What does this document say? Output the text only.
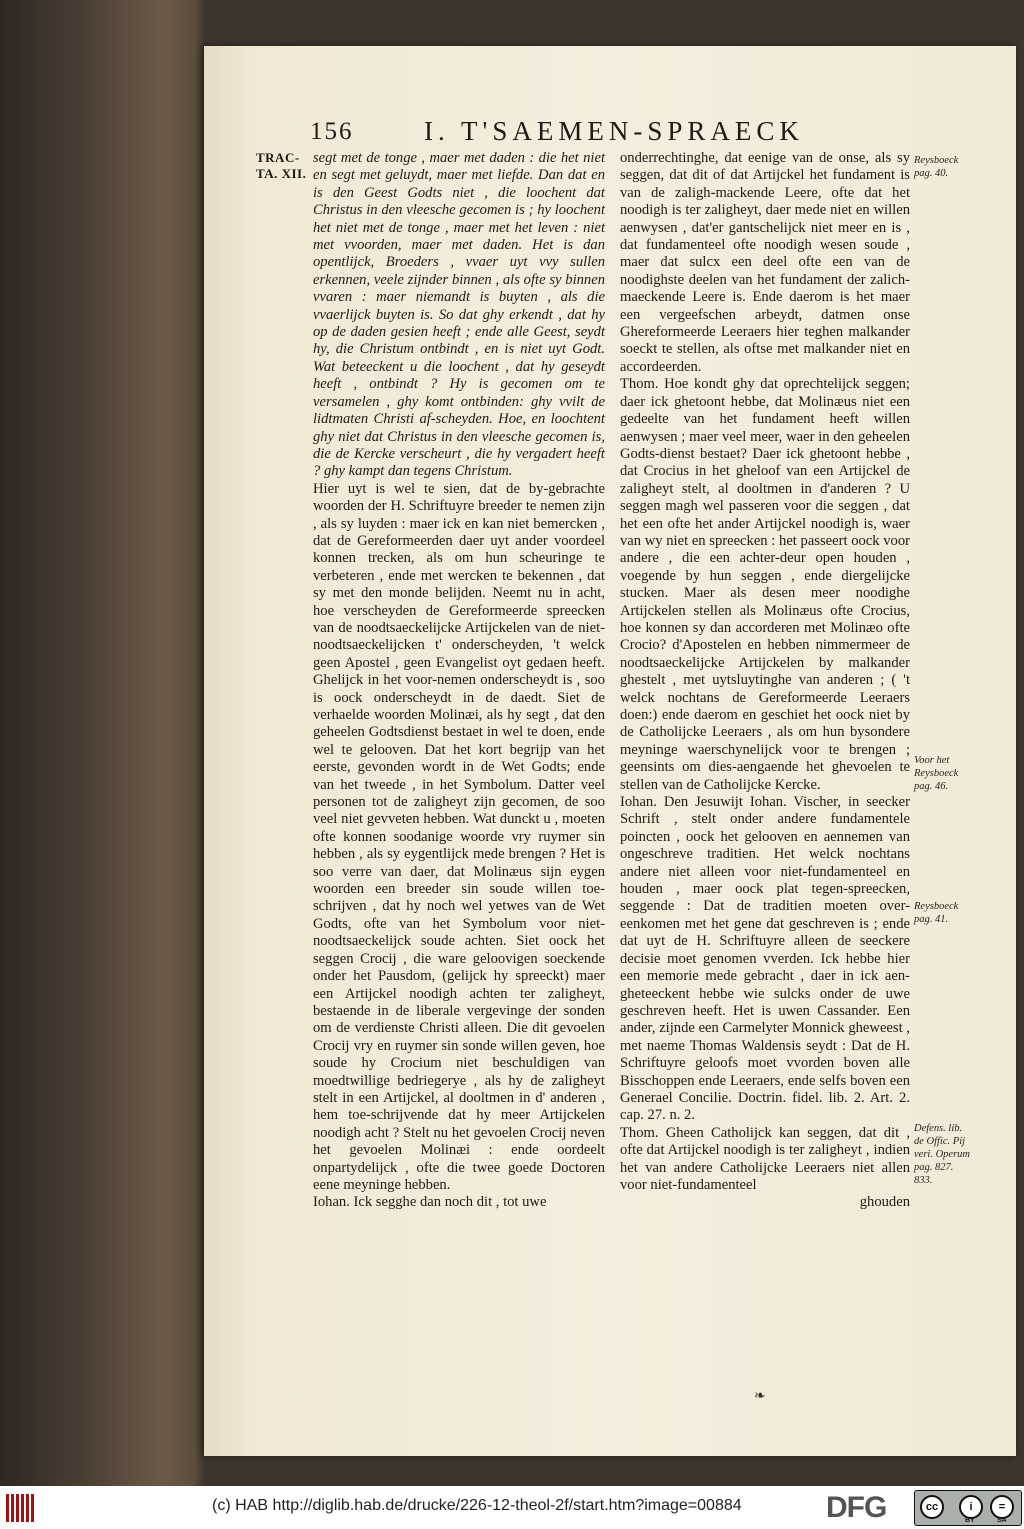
156	I. T'SAEMEN-SPRAECK
TRAC-
TA. XII.

segt met de tonge , maer met daden : die het niet en segt met geluydt, maer met liefde. Dan dat en is den Geest Godts niet , die loochent dat Christus in den vleesche gecomen is ; hy loochent het niet met de tonge , maer met het leven : niet met vvoorden, maer met daden. Het is dan opentlijck, Broeders , vvaer uyt vvy sullen erkennen, veele zijnder binnen , als ofte sy binnen vvaren : maer niemandt is buyten , als die vvaerlijck buyten is. So dat ghy erkendt , dat hy op de daden gesien heeft ; ende alle Geest, seydt hy, die Christum ontbindt , en is niet uyt Godt. Wat beteeckent u die loochent , dat hy geseydt heeft , ontbindt ? Hy is gecomen om te versamelen , ghy komt ontbinden: ghy vvilt de lidtmaten Christi af-scheyden. Hoe, en loochtent ghy niet dat Christus in den vleesche gecomen is, die de Kercke verscheurt , die hy vergadert heeft ? ghy kampt dan tegens Christum.

Hier uyt is wel te sien, dat de by-gebrachte woorden der H. Schriftuyre breeder te nemen zijn , als sy luyden : maer ick en kan niet bemercken , dat de Gereformeerden daer uyt ander voordeel konnen trecken, als om hun scheuringe te verbeteren , ende met wercken te bekennen , dat sy met den monde belijden. Neemt nu in acht, hoe verscheyden de Gereformeerde spreecken van de noodtsaeckelijcke Artijckelen van de niet-noodtsaeckelijcken t' onderscheyden, 't welck geen Apostel , geen Evangelist oyt gedaen heeft. Ghelijck in het voor-nemen onderscheydt is , soo is oock onderscheydt in de daedt. Siet de verhaelde woorden Molinæi, als hy segt , dat den geheelen Godtsdienst bestaet in wel te doen, ende wel te gelooven. Dat het kort begrijp van het eerste, gevonden wordt in de Wet Godts; ende van het tweede , in het Symbolum. Datter veel personen tot de zaligheyt zijn gecomen, de soo veel niet gevveten hebben. Wat dunckt u , moeten ofte konnen soodanige woorde vry ruymer sin hebben , als sy eygentlijck mede brengen ? Het is soo verre van daer, dat Molinæus sijn eygen woorden een breeder sin soude willen toe-schrijven , dat hy noch wel yetwes van de Wet Godts, ofte van het Symbolum voor niet-noodtsaeckelijck soude achten. Siet oock het seggen Crocij , die ware geloovigen soeckende onder het Pausdom, (gelijck hy spreeckt) maer een Artijckel noodigh achten ter zaligheyt, bestaende in de liberale vergevinge der sonden om de verdienste Christi alleen. Die dit gevoelen Crocij vry en ruymer sin sonde willen geven, hoe soude hy Crocium niet beschuldigen van moedtwillige bedriegerye , als hy de zaligheyt stelt in een Artijckel, al dooltmen in d' anderen , hem toe-schrijvende dat hy meer Artijckelen noodigh acht ? Stelt nu het gevoelen Crocij neven het gevoelen Molinæi : ende oordeelt onpartydelijck , ofte die twee goede Doctoren eene meyninge hebben.

Iohan. Ick segghe dan noch dit , tot uwe

onderrechtinghe, dat eenige van de onse, als sy seggen, dat dit of dat Artijckel het fundament is van de zaligh-mackende Leere, ofte dat het noodigh is ter zaligheyt, daer mede niet en willen aenwysen , dat'er gantschelijck niet meer en is , dat fundamenteel ofte noodigh wesen soude , maer dat sulcx een deel ofte een van de noodighste deelen van het fundament der zalich-maeckende Leere is. Ende daerom is het maer een vergeefschen arbeydt, datmen onse Ghereformeerde Leeraers hier teghen malkander soeckt te stellen, als oftse met malkander niet en accordeerden.

Thom. Hoe kondt ghy dat oprechtelijck seggen; daer ick ghetoont hebbe, dat Molinæus niet een gedeelte van het fundament heeft willen aenwysen ; maer veel meer, waer in den geheelen Godts-dienst bestaet? Daer ick ghetoont hebbe , dat Crocius in het gheloof van een Artijckel de zaligheyt stelt, al dooltmen in d'anderen ? U seggen magh wel passeren voor die seggen , dat het een ofte het ander Artijckel noodigh is, waer van wy niet en spreecken : het passeert oock voor andere , die een achter-deur open houden , voegende by hun seggen , ende diergelijcke stucken. Maer als desen meer noodighe Artijckelen stellen als Molinæus ofte Crocius, hoe konnen sy dan accorderen met Molinæo ofte Crocio? d'Apostelen en hebben nimmermeer de noodtsaeckelijcke Artijckelen by malkander ghestelt , met uytsluytinghe van anderen ; ( 't welck nochtans de Gereformeerde Leeraers doen:) ende daerom en geschiet het oock niet by de Catholijcke Leeraers , als om hun bysondere meyninge waerschynelijck voor te brengen ; geensints om dies-aengaende het ghevoelen te stellen van de Catholijcke Kercke.

Iohan. Den Jesuwijt Iohan. Vischer, in seecker Schrift , stelt onder andere fundamentele poincten , oock het gelooven en aennemen van ongeschreve traditien. Het welck nochtans andere niet alleen voor niet-fundamenteel en houden , maer oock plat tegen-spreecken, seggende : Dat de traditien moeten over-eenkomen met het gene dat geschreven is ; ende dat uyt de H. Schriftuyre alleen de seeckere decisie moet genomen vverden. Ick hebbe hier een memorie mede gebracht , daer in ick aen-gheteeckent hebbe wie sulcks onder de uwe geschreven heeft. Het is uwen Cassander. Een ander, zijnde een Carmelyter Monnick gheweest , met naeme Thomas Waldensis seydt : Dat de H. Schriftuyre geloofs moet vvorden boven alle Bisschoppen ende Leeraers, ende selfs boven een Generael Concilie. Doctrin. fidel. lib. 2. Art. 2. cap. 27. n. 2.

Thom. Gheen Catholijck kan seggen, dat dit , ofte dat Artijckel noodigh is ter zaligheyt , indien het van andere Catholijcke Leeraers niet allen voor niet-fundamenteel

ghouden

Reysboeck pag. 40.
Voor het Reysboeck pag. 46.
Reysboeck pag. 41.
Defens. lib. de Offic. Pij veri. Operum pag. 827. 833.
❧
(c) HAB http://diglib.hab.de/drucke/226-12-theol-2f/start.htm?image=00884	DFG	cc	i	=
BY	SA
